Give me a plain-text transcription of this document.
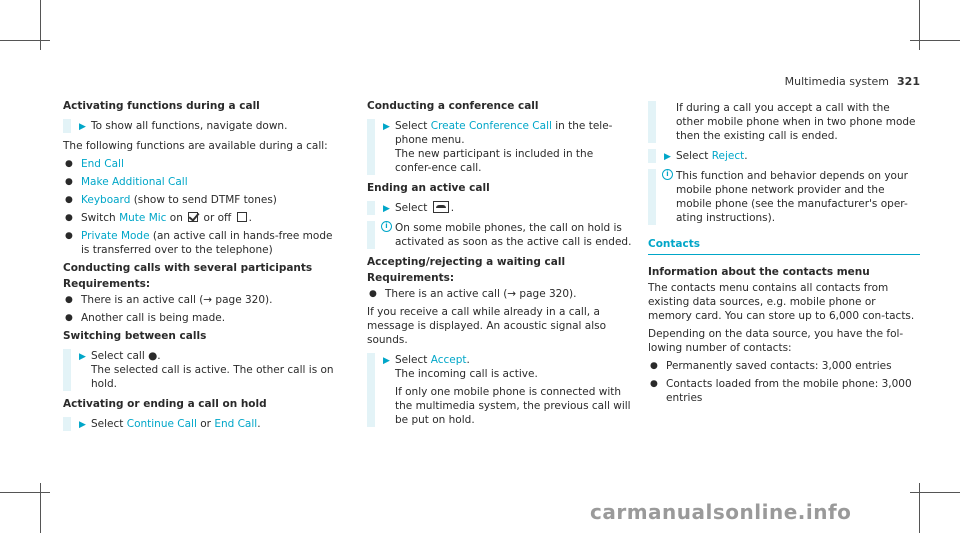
Multimedia system 321
Activating functions during a call
▶ To show all functions, navigate down.
The following functions are available during a call:
● End Call
● Make Additional Call
● Keyboard (show to send DTMF tones)
● Switch Mute Mic on  or off .
● Private Mode (an active call in hands-free mode is transferred over to the telephone)
Conducting calls with several participants
Requirements:
● There is an active call (→ page 320).
● Another call is being made.
Switching between calls
▶ Select call ●.
The selected call is active. The other call is on hold.
Activating or ending a call on hold
▶ Select Continue Call or End Call.
Conducting a conference call
▶ Select Create Conference Call in the tele-phone menu.
The new participant is included in the confer-ence call.
Ending an active call
▶ Select .
i On some mobile phones, the call on hold is activated as soon as the active call is ended.
Accepting/rejecting a waiting call
Requirements:
● There is an active call (→ page 320).
If you receive a call while already in a call, a message is displayed. An acoustic signal also sounds.
▶ Select Accept.
The incoming call is active.

If only one mobile phone is connected with the multimedia system, the previous call will be put on hold.
If during a call you accept a call with the other mobile phone when in two phone mode then the existing call is ended.
▶ Select Reject.
i This function and behavior depends on your mobile phone network provider and the mobile phone (see the manufacturer's oper-ating instructions).
Contacts
Information about the contacts menu
The contacts menu contains all contacts from existing data sources, e.g. mobile phone or memory card. You can store up to 6,000 con-tacts.
Depending on the data source, you have the fol-lowing number of contacts:
● Permanently saved contacts: 3,000 entries
● Contacts loaded from the mobile phone: 3,000 entries
carmanualsonline.info
